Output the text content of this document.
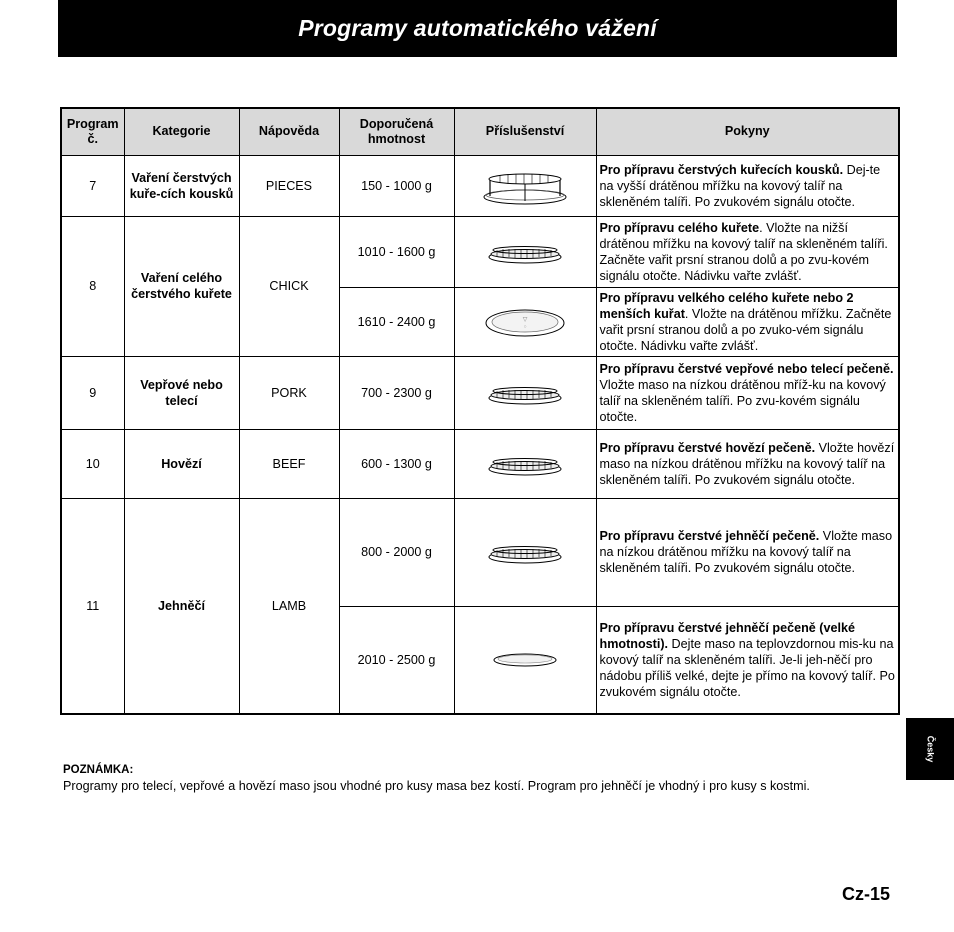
Programy automatického vážení
Program č.	Kategorie	Nápověda	Doporučená hmotnost	Příslušenství	Pokyny
7	Vaření čerstvých kuře-cích kousků	PIECES	150 - 1000 g		Pro přípravu čerstvých kuřecích kousků. Dej-te na vyšší drátěnou mřížku na kovový talíř na skleněném talíři. Po zvukovém signálu otočte.
8	Vaření celého čerstvého kuřete	CHICK	1010 - 1600 g		Pro přípravu celého kuřete. Vložte na nižší drátěnou mřížku na kovový talíř na skleněném talíři. Začněte vařit prsní stranou dolů a po zvu-kovém signálu otočte. Nádivku vařte zvlášť.
			1610 - 2400 g		Pro přípravu velkého celého kuřete nebo 2 menších kuřat. Vložte na drátěnou mřížku. Začněte vařit prsní stranou dolů a po zvuko-vém signálu otočte. Nádivku vařte zvlášť.
9	Vepřové nebo telecí	PORK	700 - 2300 g		Pro přípravu čerstvé vepřové nebo telecí pečeně. Vložte maso na nízkou drátěnou mříž-ku na kovový talíř na skleněném talíři. Po zvu-kovém signálu otočte.
10	Hovězí	BEEF	600 - 1300 g		Pro přípravu čerstvé hovězí pečeně. Vložte hovězí maso na nízkou drátěnou mřížku na kovový talíř na skleněném talíři. Po zvukovém signálu otočte.
11	Jehněčí	LAMB	800 - 2000 g		Pro přípravu čerstvé jehněčí pečeně. Vložte maso na nízkou drátěnou mřížku na kovový talíř na skleněném talíři. Po zvukovém signálu otočte.
			2010 - 2500 g		Pro přípravu čerstvé jehněčí pečeně (velké hmotnosti). Dejte maso na teplovzdornou mis-ku na kovový talíř na skleněném talíři. Je-li jeh-něčí pro nádobu příliš velké, dejte je přímo na kovový talíř. Po zvukovém signálu otočte.
POZNÁMKA:
Programy pro telecí, vepřové a hovězí maso jsou vhodné pro kusy masa bez kostí. Program pro jehněčí je vhodný i pro kusy s kostmi.
Česky
Cz-15
